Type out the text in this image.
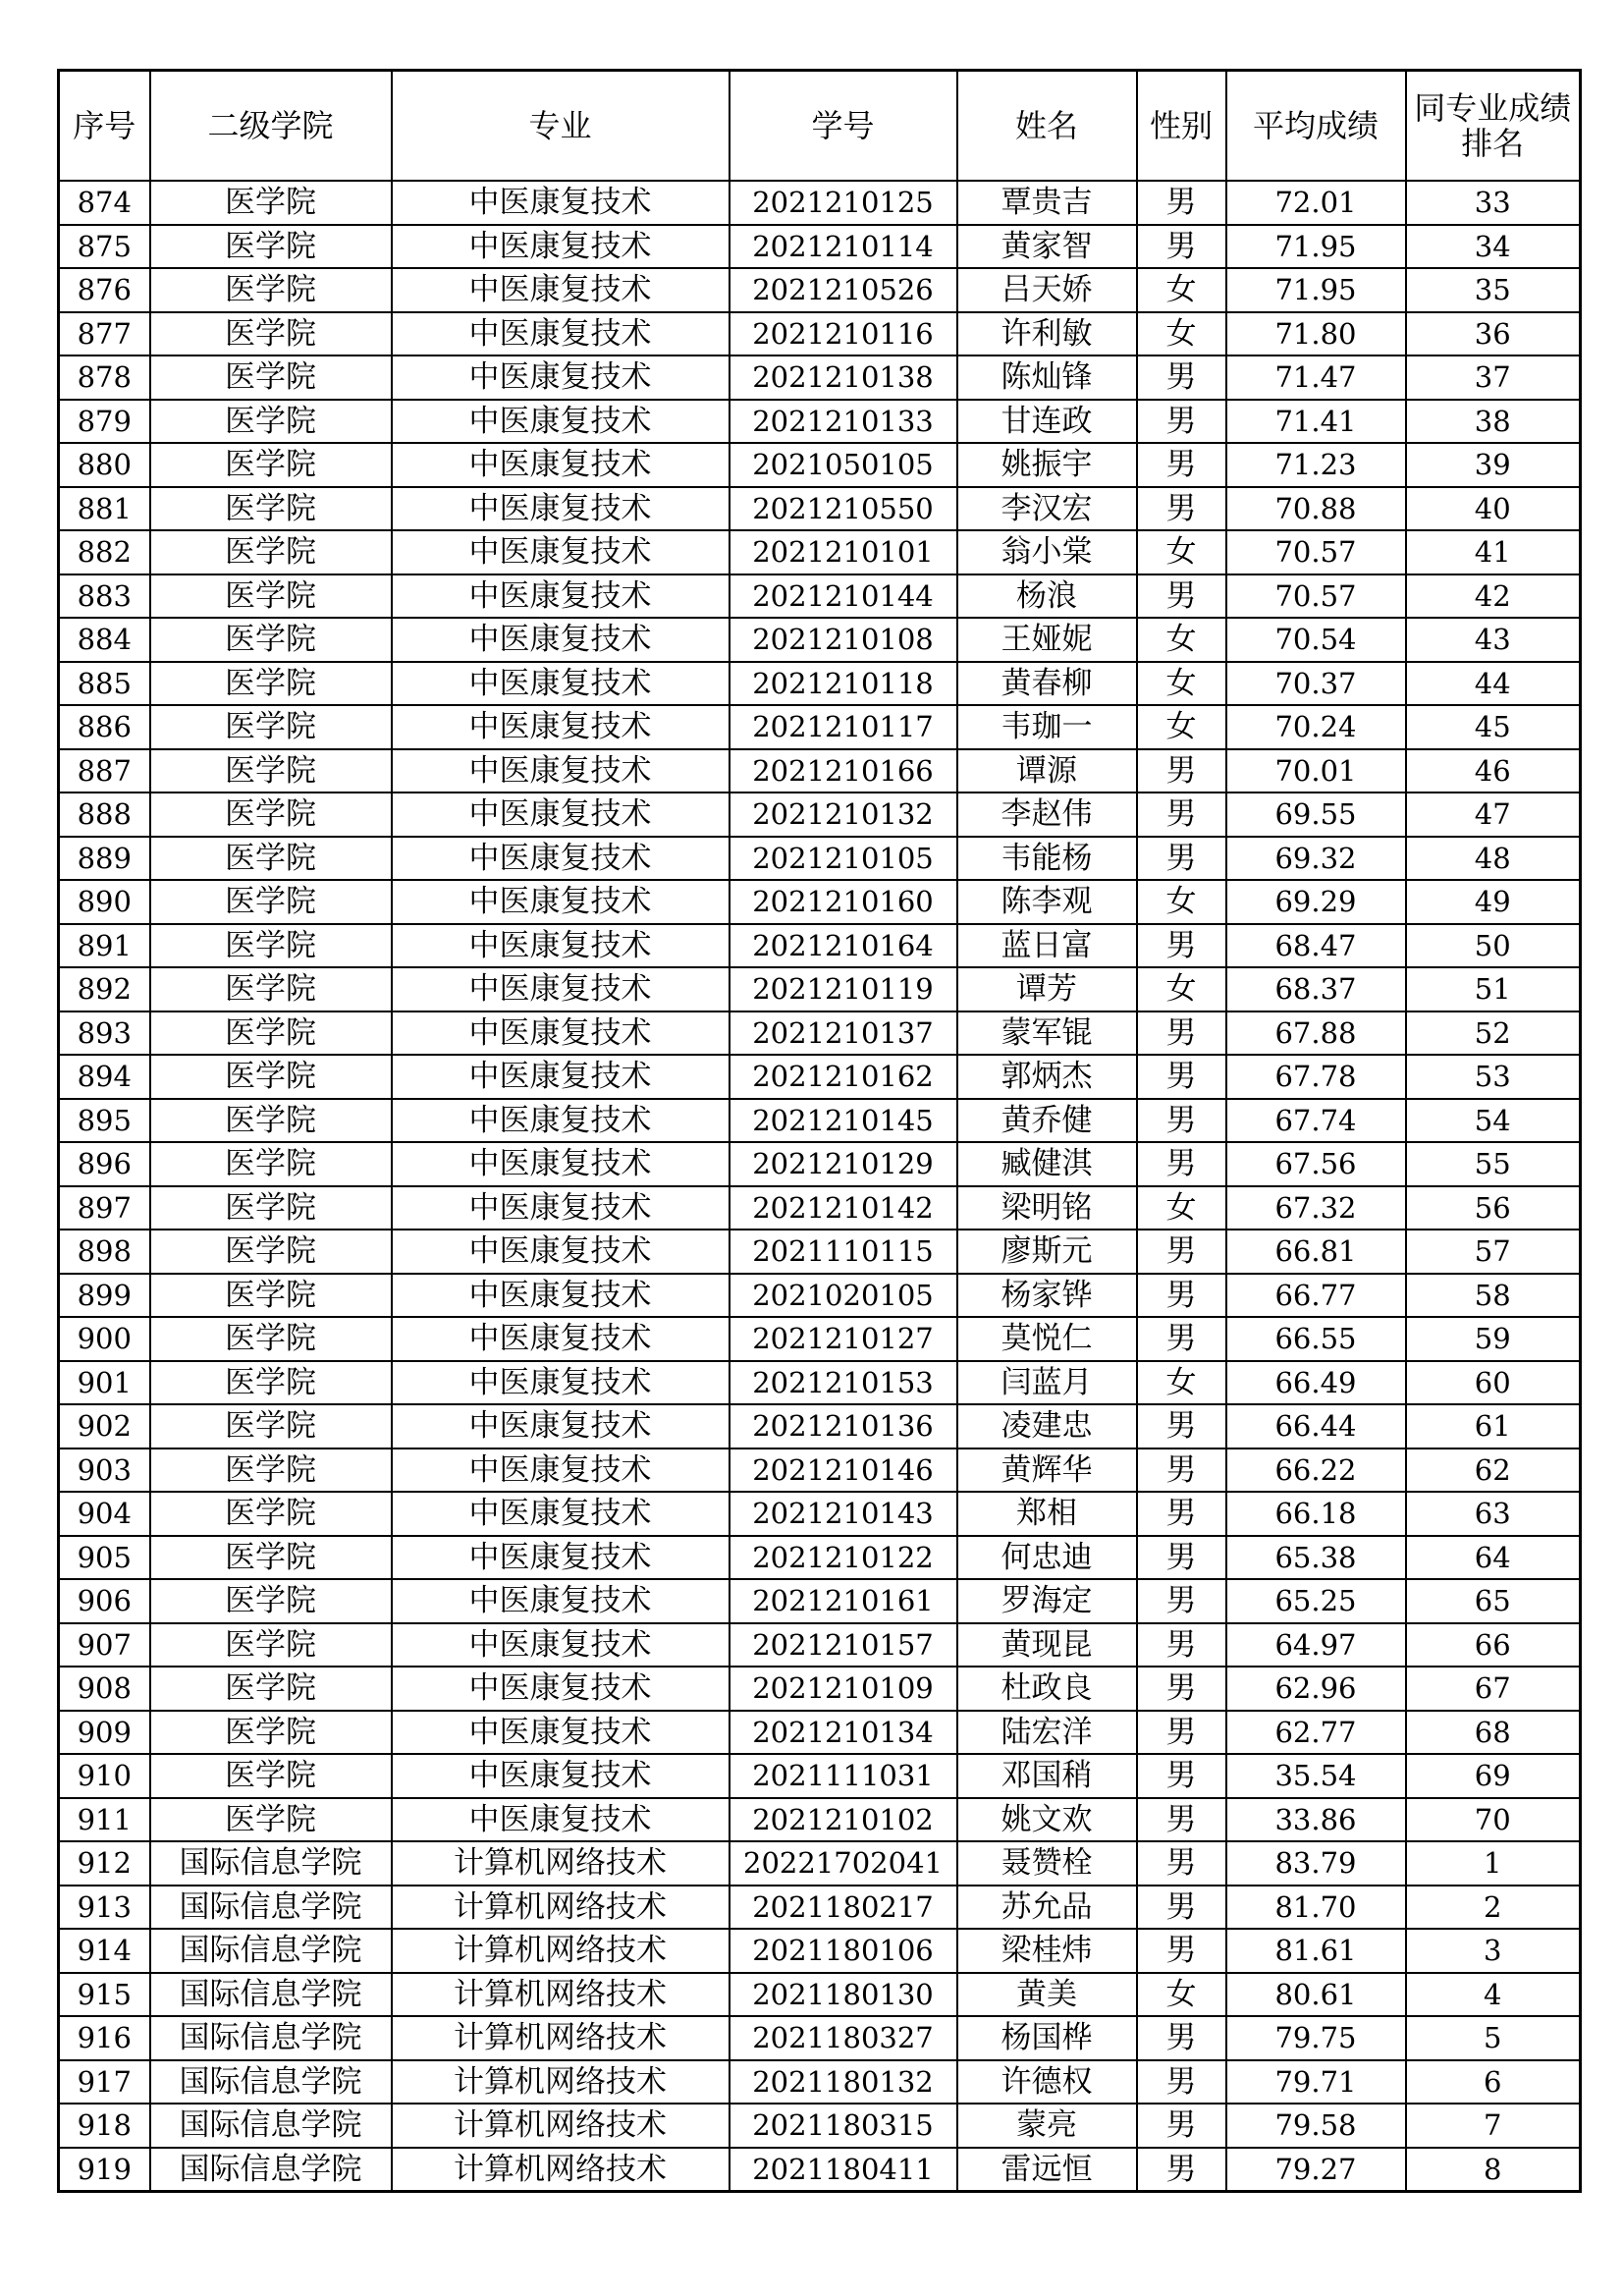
序号	二级学院	专业	学号	姓名	性别	平均成绩	同专业成绩排名
874	医学院	中医康复技术	2021210125	覃贵吉	男	72.01	33
875	医学院	中医康复技术	2021210114	黄家智	男	71.95	34
876	医学院	中医康复技术	2021210526	吕天娇	女	71.95	35
877	医学院	中医康复技术	2021210116	许利敏	女	71.80	36
878	医学院	中医康复技术	2021210138	陈灿锋	男	71.47	37
879	医学院	中医康复技术	2021210133	甘连政	男	71.41	38
880	医学院	中医康复技术	2021050105	姚振宇	男	71.23	39
881	医学院	中医康复技术	2021210550	李汉宏	男	70.88	40
882	医学院	中医康复技术	2021210101	翁小棠	女	70.57	41
883	医学院	中医康复技术	2021210144	杨浪	男	70.57	42
884	医学院	中医康复技术	2021210108	王娅妮	女	70.54	43
885	医学院	中医康复技术	2021210118	黄春柳	女	70.37	44
886	医学院	中医康复技术	2021210117	韦珈一	女	70.24	45
887	医学院	中医康复技术	2021210166	谭源	男	70.01	46
888	医学院	中医康复技术	2021210132	李赵伟	男	69.55	47
889	医学院	中医康复技术	2021210105	韦能杨	男	69.32	48
890	医学院	中医康复技术	2021210160	陈李观	女	69.29	49
891	医学院	中医康复技术	2021210164	蓝日富	男	68.47	50
892	医学院	中医康复技术	2021210119	谭芳	女	68.37	51
893	医学院	中医康复技术	2021210137	蒙军锟	男	67.88	52
894	医学院	中医康复技术	2021210162	郭炳杰	男	67.78	53
895	医学院	中医康复技术	2021210145	黄乔健	男	67.74	54
896	医学院	中医康复技术	2021210129	臧健淇	男	67.56	55
897	医学院	中医康复技术	2021210142	梁明铭	女	67.32	56
898	医学院	中医康复技术	2021110115	廖斯元	男	66.81	57
899	医学院	中医康复技术	2021020105	杨家铧	男	66.77	58
900	医学院	中医康复技术	2021210127	莫悦仁	男	66.55	59
901	医学院	中医康复技术	2021210153	闫蓝月	女	66.49	60
902	医学院	中医康复技术	2021210136	凌建忠	男	66.44	61
903	医学院	中医康复技术	2021210146	黄辉华	男	66.22	62
904	医学院	中医康复技术	2021210143	郑相	男	66.18	63
905	医学院	中医康复技术	2021210122	何忠迪	男	65.38	64
906	医学院	中医康复技术	2021210161	罗海定	男	65.25	65
907	医学院	中医康复技术	2021210157	黄现昆	男	64.97	66
908	医学院	中医康复技术	2021210109	杜政良	男	62.96	67
909	医学院	中医康复技术	2021210134	陆宏洋	男	62.77	68
910	医学院	中医康复技术	2021111031	邓国稍	男	35.54	69
911	医学院	中医康复技术	2021210102	姚文欢	男	33.86	70
912	国际信息学院	计算机网络技术	20221702041	聂赞栓	男	83.79	1
913	国际信息学院	计算机网络技术	2021180217	苏允品	男	81.70	2
914	国际信息学院	计算机网络技术	2021180106	梁桂炜	男	81.61	3
915	国际信息学院	计算机网络技术	2021180130	黄美	女	80.61	4
916	国际信息学院	计算机网络技术	2021180327	杨国桦	男	79.75	5
917	国际信息学院	计算机网络技术	2021180132	许德权	男	79.71	6
918	国际信息学院	计算机网络技术	2021180315	蒙亮	男	79.58	7
919	国际信息学院	计算机网络技术	2021180411	雷远恒	男	79.27	8
